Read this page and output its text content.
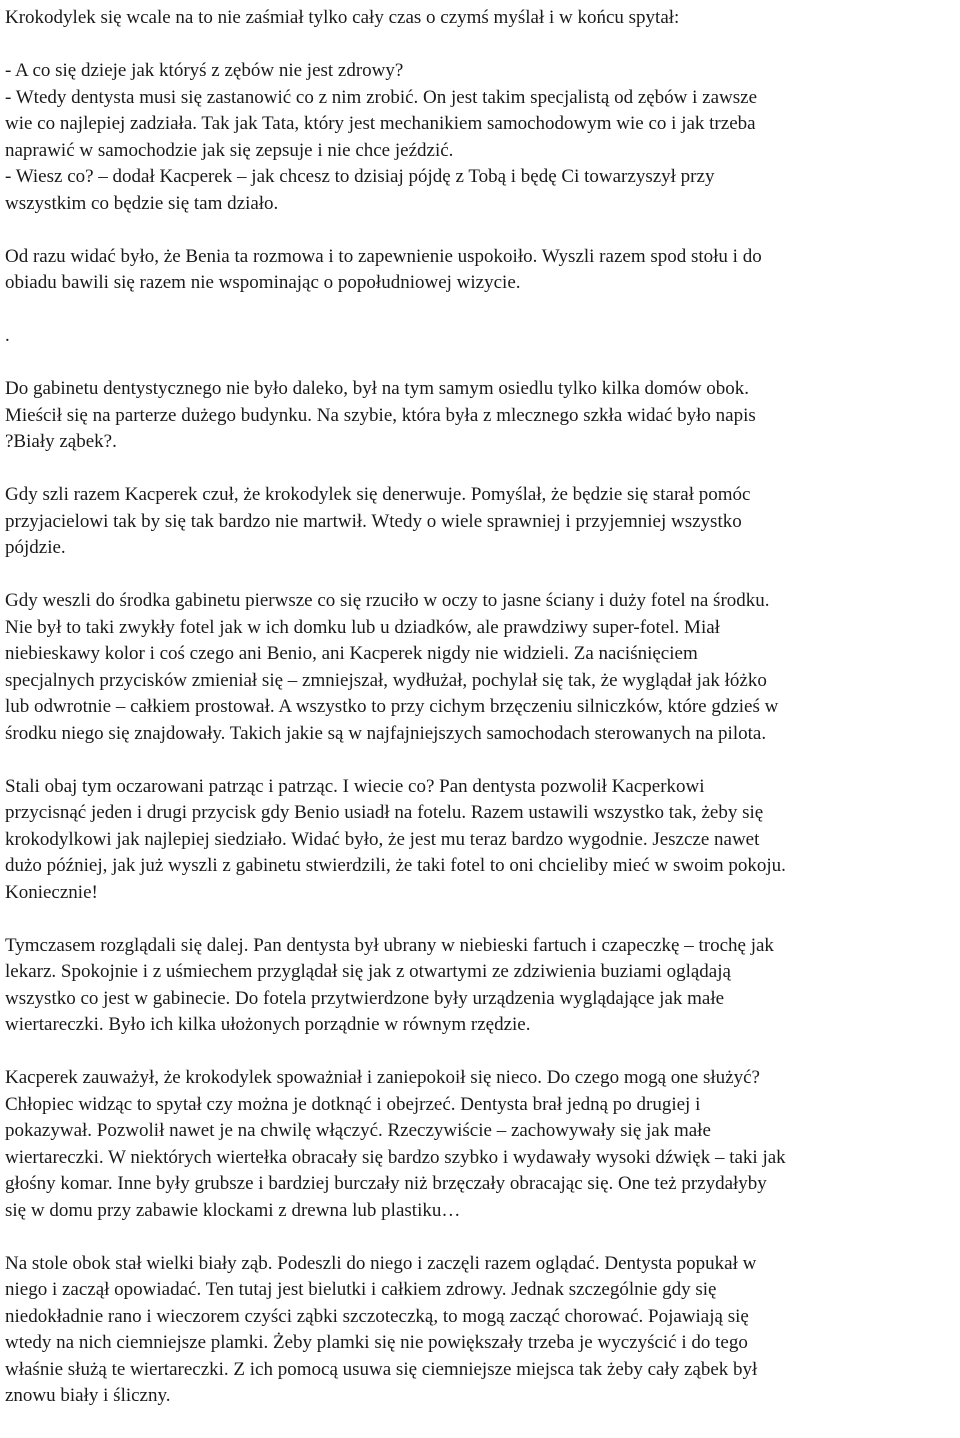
Krokodylek się wcale na to nie zaśmiał tylko cały czas o czymś myślał i w końcu spytał:
- A co się dzieje jak któryś z zębów nie jest zdrowy?
- Wtedy dentysta musi się zastanowić co z nim zrobić. On jest takim specjalistą od zębów i zawsze
wie co najlepiej zadziała. Tak jak Tata, który jest mechanikiem samochodowym wie co i jak trzeba
naprawić w samochodzie jak się zepsuje i nie chce jeździć.
- Wiesz co? – dodał Kacperek – jak chcesz to dzisiaj pójdę z Tobą i będę Ci towarzyszył przy
wszystkim co będzie się tam działo.
Od razu widać było, że Benia ta rozmowa i to zapewnienie uspokoiło. Wyszli razem spod stołu i do
obiadu bawili się razem nie wspominając o popołudniowej wizycie.
.
Do gabinetu dentystycznego nie było daleko, był na tym samym osiedlu tylko kilka domów obok.
Mieścił się na parterze dużego budynku. Na szybie, która była z mlecznego szkła widać było napis
?Biały ząbek?.
Gdy szli razem Kacperek czuł, że krokodylek się denerwuje. Pomyślał, że będzie się starał pomóc
przyjacielowi tak by się tak bardzo nie martwił. Wtedy o wiele sprawniej i przyjemniej wszystko
pójdzie.
Gdy weszli do środka gabinetu pierwsze co się rzuciło w oczy to jasne ściany i duży fotel na środku.
Nie był to taki zwykły fotel jak w ich domku lub u dziadków, ale prawdziwy super-fotel. Miał
niebieskawy kolor i coś czego ani Benio, ani Kacperek nigdy nie widzieli. Za naciśnięciem
specjalnych przycisków zmieniał się – zmniejszał, wydłużał, pochylał się tak, że wyglądał jak łóżko
lub odwrotnie – całkiem prostował. A wszystko to przy cichym brzęczeniu silniczków, które gdzieś w
środku niego się znajdowały. Takich jakie są w najfajniejszych samochodach sterowanych na pilota.
Stali obaj tym oczarowani patrząc i patrząc. I wiecie co? Pan dentysta pozwolił Kacperkowi
przycisnąć jeden i drugi przycisk gdy Benio usiadł na fotelu. Razem ustawili wszystko tak, żeby się
krokodylkowi jak najlepiej siedziało. Widać było, że jest mu teraz bardzo wygodnie. Jeszcze nawet
dużo później, jak już wyszli z gabinetu stwierdzili, że taki fotel to oni chcieliby mieć w swoim pokoju.
Koniecznie!
Tymczasem rozglądali się dalej. Pan dentysta był ubrany w niebieski fartuch i czapeczkę – trochę jak
lekarz. Spokojnie i z uśmiechem przyglądał się jak z otwartymi ze zdziwienia buziami oglądają
wszystko co jest w gabinecie. Do fotela przytwierdzone były urządzenia wyglądające jak małe
wiertareczki. Było ich kilka ułożonych porządnie w równym rzędzie.
Kacperek zauważył, że krokodylek spoważniał i zaniepokoił się nieco. Do czego mogą one służyć?
Chłopiec widząc to spytał czy można je dotknąć i obejrzeć. Dentysta brał jedną po drugiej i
pokazywał. Pozwolił nawet je na chwilę włączyć. Rzeczywiście – zachowywały się jak małe
wiertareczki. W niektórych wiertełka obracały się bardzo szybko i wydawały wysoki dźwięk – taki jak
głośny komar. Inne były grubsze i bardziej burczały niż brzęczały obracając się. One też przydałyby
się w domu przy zabawie klockami z drewna lub plastiku…
Na stole obok stał wielki biały ząb. Podeszli do niego i zaczęli razem oglądać. Dentysta popukał w
niego i zaczął opowiadać. Ten tutaj jest bielutki i całkiem zdrowy. Jednak szczególnie gdy się
niedokładnie rano i wieczorem czyści ząbki szczoteczką, to mogą zacząć chorować. Pojawiają się
wtedy na nich ciemniejsze plamki. Żeby plamki się nie powiększały trzeba je wyczyścić i do tego
właśnie służą te wiertareczki. Z ich pomocą usuwa się ciemniejsze miejsca tak żeby cały ząbek był
znowu biały i śliczny.
